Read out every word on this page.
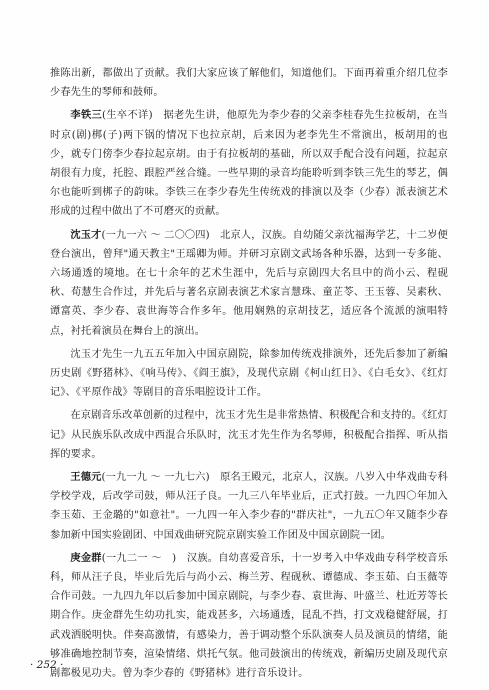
推陈出新，都做出了贡献。我们大家应该了解他们，知道他们。下面再着重介绍几位李少春先生的琴师和鼓师。

李铁三(生卒不详)　据老先生讲，他原先为李少春的父亲李桂春先生拉板胡，在当时京(剧)梆(子)两下锅的情况下也拉京胡，后来因为老李先生不常演出，板胡用的也少，就专门傍李少春拉起京胡。由于有拉板胡的基础，所以双手配合没有问题，拉起京胡很有力度，托腔、跟腔严丝合缝。一些早期的录音均能聆听到李铁三先生的琴艺，偶尔也能听到梆子的韵味。李铁三在李少春先生传统戏的排演以及李（少春）派表演艺术形成的过程中做出了不可磨灭的贡献。

沈玉才(一九一六 ～ 二〇〇四)　北京人，汉族。自幼随父亲沈福海学艺，十二岁便登台演出，曾拜"通天教主"王瑶卿为师。并研习京剧文武场各种乐器，达到一专多能、六场通透的境地。在七十余年的艺术生涯中，先后与京剧四大名旦中的尚小云、程砚秋、荀慧生合作过，并先后与著名京剧表演艺术家言慧珠、童芷苓、王玉蓉、吴素秋、谭富英、李少春、袁世海等合作多年。他用娴熟的京胡技艺，适应各个流派的演唱特点，衬托着演员在舞台上的演出。

沈玉才先生一九五五年加入中国京剧院，除参加传统戏排演外，还先后参加了新编历史剧《野猪林》、《响马传》、《阎王旗》，及现代京剧《柯山红日》、《白毛女》、《红灯记》、《平原作战》等剧目的音乐唱腔设计工作。

在京剧音乐改革创新的过程中，沈玉才先生是非常热情、积极配合和支持的。《红灯记》从民族乐队改成中西混合乐队时，沈玉才先生作为名琴师，积极配合指挥、听从指挥的要求。

王德元(一九一九 ～ 一九七六)　原名王殿元，北京人，汉族。八岁入中华戏曲专科学校学戏，后改学司鼓，师从汪子良。一九三八年毕业后，正式打鼓。一九四〇年加入李玉茹、王金璐的"如意社"。一九四一年入李少春的"群庆社"，一九五〇年又随李少春参加新中国实验剧团、中国戏曲研究院京剧实验工作团及中国京剧院一团。

庚金群(一九二一 ～　)　汉族。自幼喜爱音乐，十一岁考入中华戏曲专科学校音乐科，师从汪子良，毕业后先后与尚小云、梅兰芳、程砚秋、谭德成、李玉茹、白玉薇等合作司鼓。一九四九年以后参加中国京剧院，与李少春、袁世海、叶盛兰、杜近芳等长期合作。庚金群先生幼功扎实，能戏甚多，六场通透，昆乱不挡，打文戏稳健舒展，打武戏洒脱明快。伴奏高激情，有感染力，善于调动整个乐队演奏人员及演员的情绪，能够准确地控制节奏，渲染情绪、烘托气氛。他司鼓演出的传统戏，新编历史剧及现代京剧都极见功夫。曾为李少春的《野猪林》进行音乐设计。

· 252 ·
